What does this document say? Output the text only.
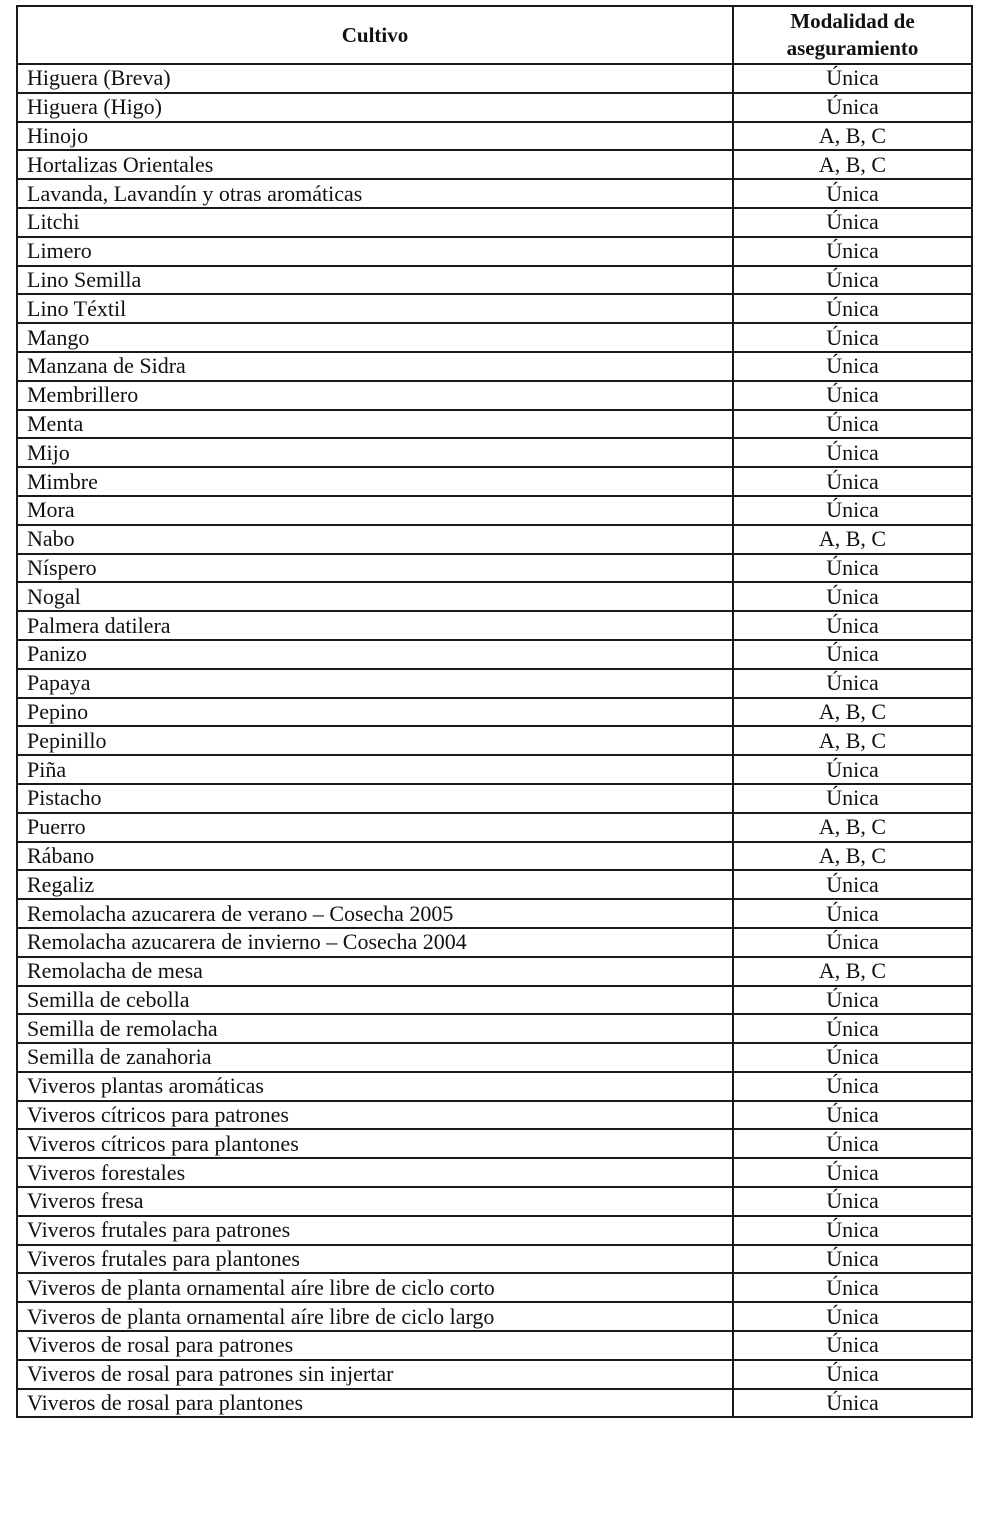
Cultivo	Modalidad de
aseguramiento

Higuera (Breva)	Única
Higuera (Higo)	Única
Hinojo	A, B, C
Hortalizas Orientales	A, B, C
Lavanda, Lavandín y otras aromáticas	Única
Litchi	Única
Limero	Única
Lino Semilla	Única
Lino Téxtil	Única
Mango	Única
Manzana de Sidra	Única
Membrillero	Única
Menta	Única
Mijo	Única
Mimbre	Única
Mora	Única
Nabo	A, B, C
Níspero	Única
Nogal	Única
Palmera datilera	Única
Panizo	Única
Papaya	Única
Pepino	A, B, C
Pepinillo	A, B, C
Piña	Única
Pistacho	Única
Puerro	A, B, C
Rábano	A, B, C
Regaliz	Única
Remolacha azucarera de verano – Cosecha 2005	Única
Remolacha azucarera de invierno – Cosecha 2004	Única
Remolacha de mesa	A, B, C
Semilla de cebolla	Única
Semilla de remolacha	Única
Semilla de zanahoria	Única
Viveros plantas aromáticas	Única
Viveros cítricos para patrones	Única
Viveros cítricos para plantones	Única
Viveros forestales	Única
Viveros fresa	Única
Viveros frutales para patrones	Única
Viveros frutales para plantones	Única
Viveros de planta ornamental aíre libre de ciclo corto	Única
Viveros de planta ornamental aíre libre de ciclo largo	Única
Viveros de rosal para patrones	Única
Viveros de rosal para patrones sin injertar	Única
Viveros de rosal para plantones	Única
